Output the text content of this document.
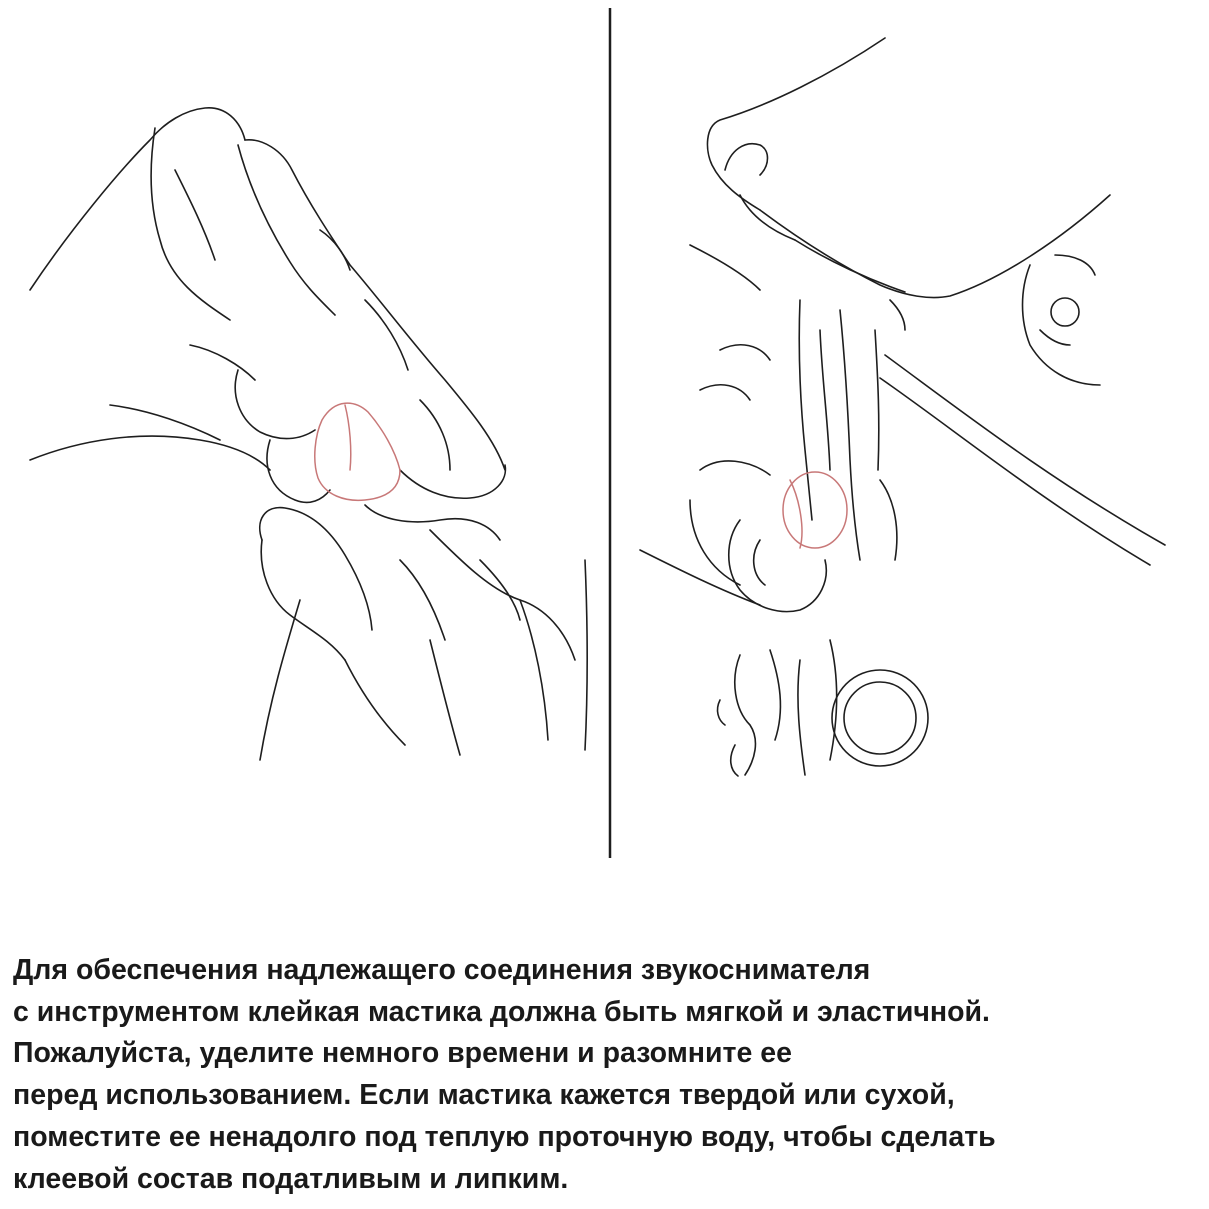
Для обеспечения надлежащего соединения звукоснимателя
с инструментом клейкая мастика должна быть мягкой и эластичной.
Пожалуйста, уделите немного времени и разомните ее
перед использованием. Если мастика кажется твердой или сухой,
поместите ее ненадолго под теплую проточную воду, чтобы сделать
клеевой состав податливым и липким.
